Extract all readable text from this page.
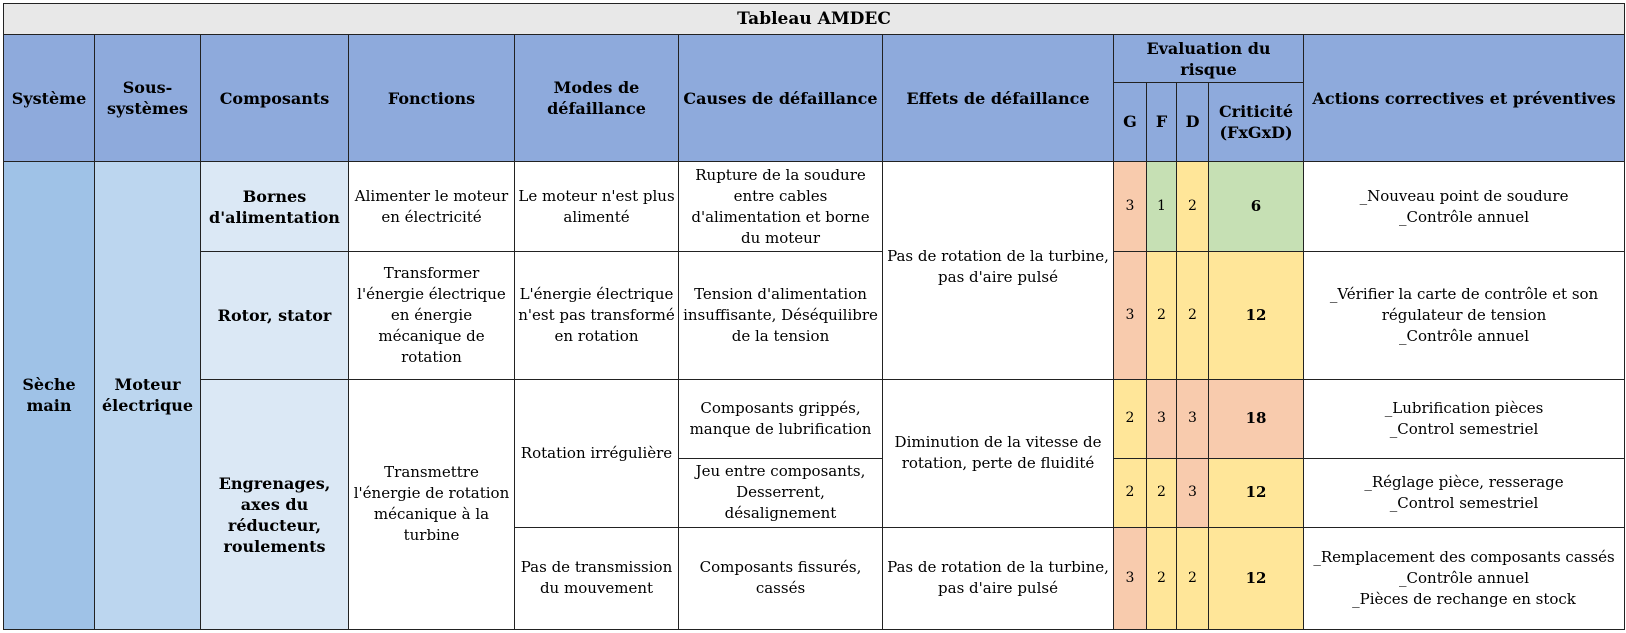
Tableau AMDEC											
Système	Sous-systèmes	Composants	Fonctions	Modes de défaillance	Causes de défaillance	Effets de défaillance	Evaluation du risque				Actions correctives et préventives
							G	F	D	Criticité (FxGxD)	
Sèche main	Moteur électrique	Bornes d'alimentation	Alimenter le moteur en électricité	Le moteur n'est plus alimenté	Rupture de la soudure entre cables d'alimentation et borne du moteur	Pas de rotation de la turbine, pas d'aire pulsé	3	1	2	6	_Nouveau point de soudure
_Contrôle annuel
		Rotor, stator	Transformer l'énergie électrique en énergie mécanique de rotation	L'énergie électrique n'est pas transformé en rotation	Tension d'alimentation insuffisante, Déséquilibre de la tension		3	2	2	12	_Vérifier la carte de contrôle et son régulateur de tension
_Contrôle annuel
		Engrenages, axes du réducteur, roulements	Transmettre l'énergie de rotation mécanique à la turbine	Rotation irrégulière	Composants grippés, manque de lubrification	Diminution de la vitesse de rotation, perte de fluidité	2	3	3	18	_Lubrification pièces
_Control semestriel
					Jeu entre composants, Desserrent, désalignement		2	2	3	12	_Réglage pièce, resserage
_Control semestriel
				Pas de transmission du mouvement	Composants fissurés, cassés	Pas de rotation de la turbine, pas d'aire pulsé	3	2	2	12	_Remplacement des composants cassés
_Contrôle annuel
_Pièces de rechange en stock
